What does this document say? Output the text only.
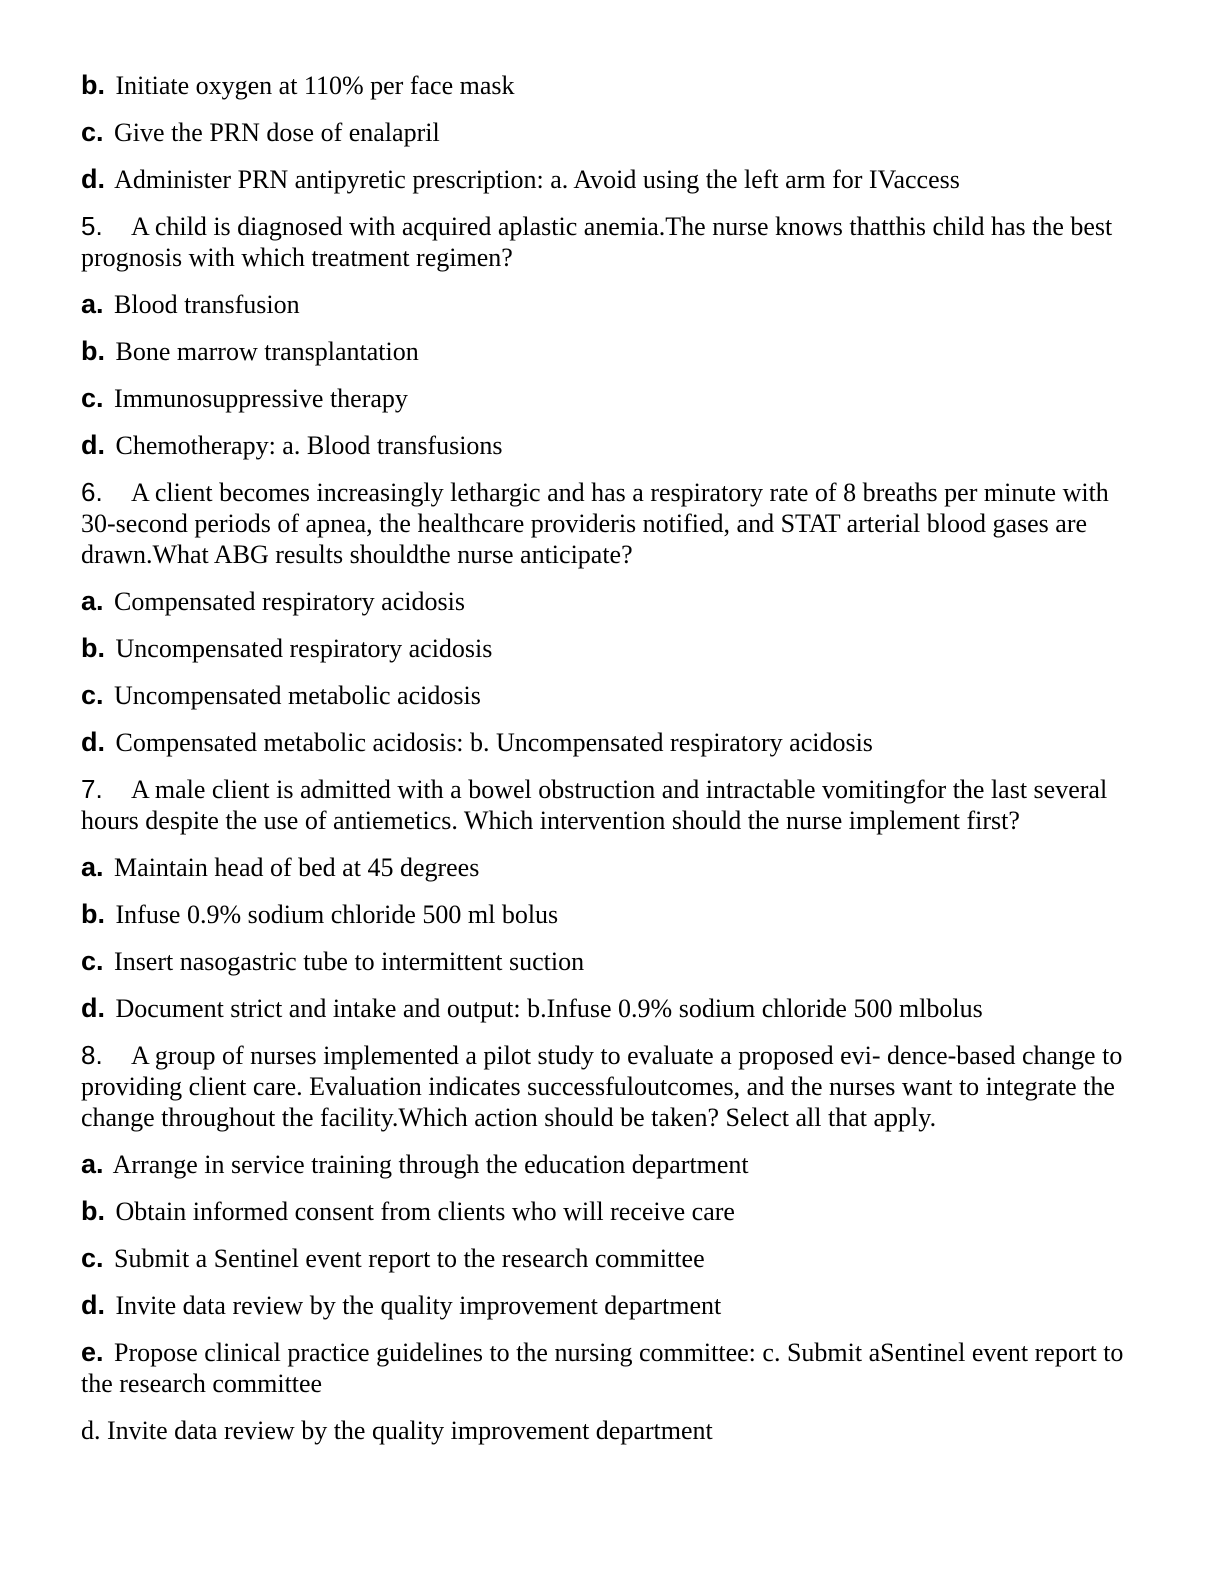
b. Initiate oxygen at 110% per face mask

c. Give the PRN dose of enalapril

d. Administer PRN antipyretic prescription: a. Avoid using the left arm for IVaccess

5. A child is diagnosed with acquired aplastic anemia.The nurse knows thatthis child has the best prognosis with which treatment regimen?

a. Blood transfusion

b. Bone marrow transplantation

c. Immunosuppressive therapy

d. Chemotherapy: a. Blood transfusions

6. A client becomes increasingly lethargic and has a respiratory rate of 8 breaths per minute with 30-second periods of apnea, the healthcare provideris notified, and STAT arterial blood gases are drawn.What ABG results shouldthe nurse anticipate?

a. Compensated respiratory acidosis

b. Uncompensated respiratory acidosis

c. Uncompensated metabolic acidosis

d. Compensated metabolic acidosis: b. Uncompensated respiratory acidosis

7. A male client is admitted with a bowel obstruction and intractable vomitingfor the last several hours despite the use of antiemetics. Which intervention should the nurse implement first?

a. Maintain head of bed at 45 degrees

b. Infuse 0.9% sodium chloride 500 ml bolus

c. Insert nasogastric tube to intermittent suction

d. Document strict and intake and output: b.Infuse 0.9% sodium chloride 500 mlbolus

8. A group of nurses implemented a pilot study to evaluate a proposed evi- dence-based change to providing client care. Evaluation indicates successfuloutcomes, and the nurses want to integrate the change throughout the facility.Which action should be taken? Select all that apply.

a. Arrange in service training through the education department

b. Obtain informed consent from clients who will receive care

c. Submit a Sentinel event report to the research committee

d. Invite data review by the quality improvement department

e. Propose clinical practice guidelines to the nursing committee: c. Submit aSentinel event report to the research committee

d. Invite data review by the quality improvement department
